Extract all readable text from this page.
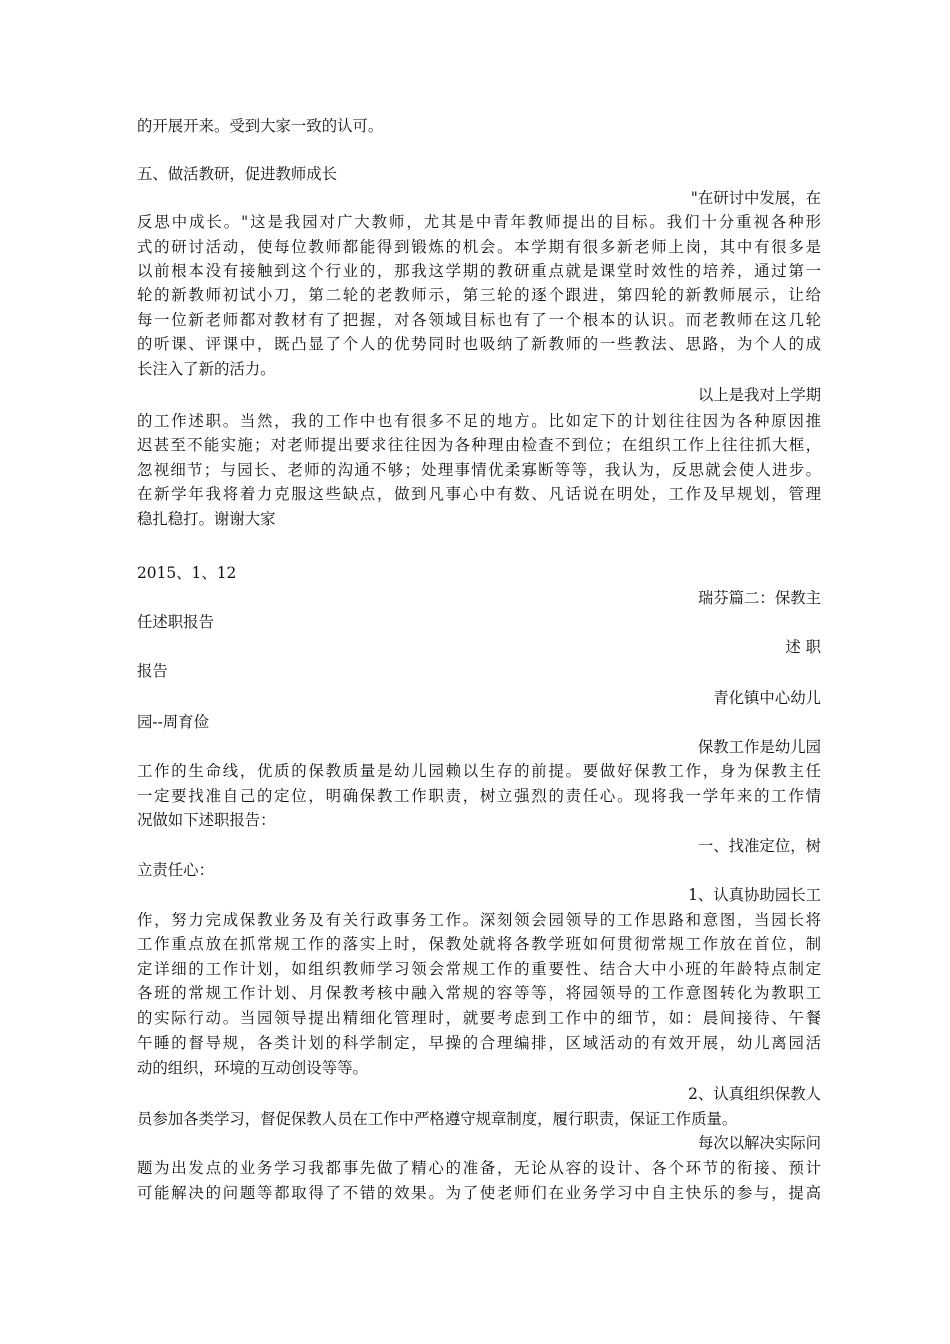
的开展开来。受到大家一致的认可。
五、做活教研，促进教师成长
"在研讨中发展，在
反思中成长。"这是我园对广大教师，尤其是中青年教师提出的目标。我们十分重视各种形
式的研讨活动，使每位教师都能得到锻炼的机会。本学期有很多新老师上岗，其中有很多是
以前根本没有接触到这个行业的，那我这学期的教研重点就是课堂时效性的培养，通过第一
轮的新教师初试小刀，第二轮的老教师示，第三轮的逐个跟进，第四轮的新教师展示，让给
每一位新老师都对教材有了把握，对各领域目标也有了一个根本的认识。而老教师在这几轮
的听课、评课中，既凸显了个人的优势同时也吸纳了新教师的一些教法、思路，为个人的成
长注入了新的活力。
以上是我对上学期
的工作述职。当然，我的工作中也有很多不足的地方。比如定下的计划往往因为各种原因推
迟甚至不能实施；对老师提出要求往往因为各种理由检查不到位；在组织工作上往往抓大框，
忽视细节；与园长、老师的沟通不够；处理事情优柔寡断等等，我认为，反思就会使人进步。
在新学年我将着力克服这些缺点，做到凡事心中有数、凡话说在明处，工作及早规划，管理
稳扎稳打。谢谢大家
2015、1、12
瑞芬篇二：保教主
任述职报告
述 职
报告
青化镇中心幼儿
园--周育俭
保教工作是幼儿园
工作的生命线，优质的保教质量是幼儿园赖以生存的前提。要做好保教工作，身为保教主任
一定要找准自己的定位，明确保教工作职责，树立强烈的责任心。现将我一学年来的工作情
况做如下述职报告：
一、找准定位，树
立责任心：
1、认真协助园长工
作，努力完成保教业务及有关行政事务工作。深刻领会园领导的工作思路和意图，当园长将
工作重点放在抓常规工作的落实上时，保教处就将各教学班如何贯彻常规工作放在首位，制
定详细的工作计划，如组织教师学习领会常规工作的重要性、结合大中小班的年龄特点制定
各班的常规工作计划、月保教考核中融入常规的容等等，将园领导的工作意图转化为教职工
的实际行动。当园领导提出精细化管理时，就要考虑到工作中的细节，如：晨间接待、午餐
午睡的督导规，各类计划的科学制定，早操的合理编排，区域活动的有效开展，幼儿离园活
动的组织，环境的互动创设等等。
2、认真组织保教人
员参加各类学习，督促保教人员在工作中严格遵守规章制度，履行职责，保证工作质量。
每次以解决实际问
题为出发点的业务学习我都事先做了精心的准备，无论从容的设计、各个环节的衔接、预计
可能解决的问题等都取得了不错的效果。为了使老师们在业务学习中自主快乐的参与，提高
